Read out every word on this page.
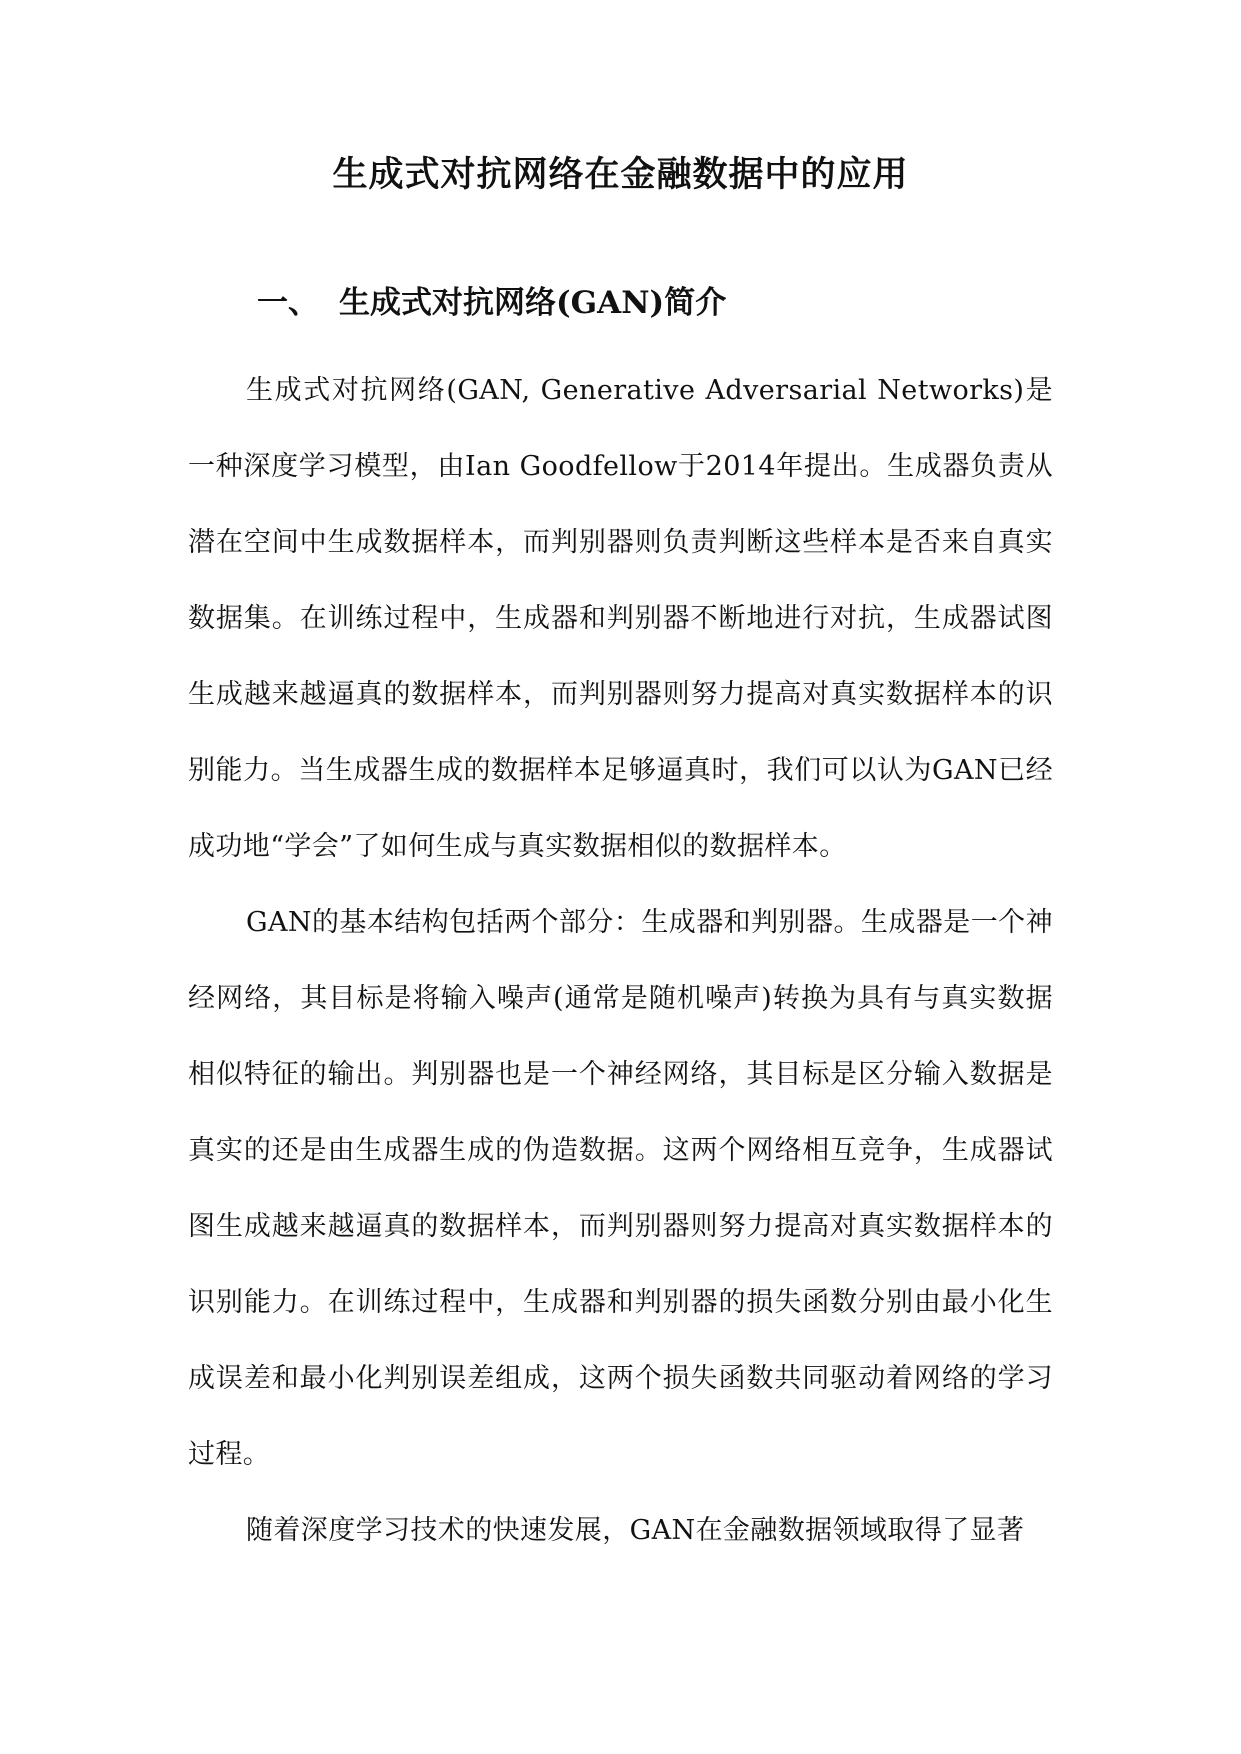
生成式对抗网络在金融数据中的应用
一、 生成式对抗网络(GAN)简介

生成式对抗网络(GAN, Generative Adversarial Networks)是一种深度学习模型，由Ian Goodfellow于2014年提出。生成器负责从潜在空间中生成数据样本，而判别器则负责判断这些样本是否来自真实数据集。在训练过程中，生成器和判别器不断地进行对抗，生成器试图生成越来越逼真的数据样本，而判别器则努力提高对真实数据样本的识别能力。当生成器生成的数据样本足够逼真时，我们可以认为GAN已经成功地“学会”了如何生成与真实数据相似的数据样本。

GAN的基本结构包括两个部分：生成器和判别器。生成器是一个神经网络，其目标是将输入噪声(通常是随机噪声)转换为具有与真实数据相似特征的输出。判别器也是一个神经网络，其目标是区分输入数据是真实的还是由生成器生成的伪造数据。这两个网络相互竞争，生成器试图生成越来越逼真的数据样本，而判别器则努力提高对真实数据样本的识别能力。在训练过程中，生成器和判别器的损失函数分别由最小化生成误差和最小化判别误差组成，这两个损失函数共同驱动着网络的学习过程。

随着深度学习技术的快速发展，GAN在金融数据领域取得了显著
